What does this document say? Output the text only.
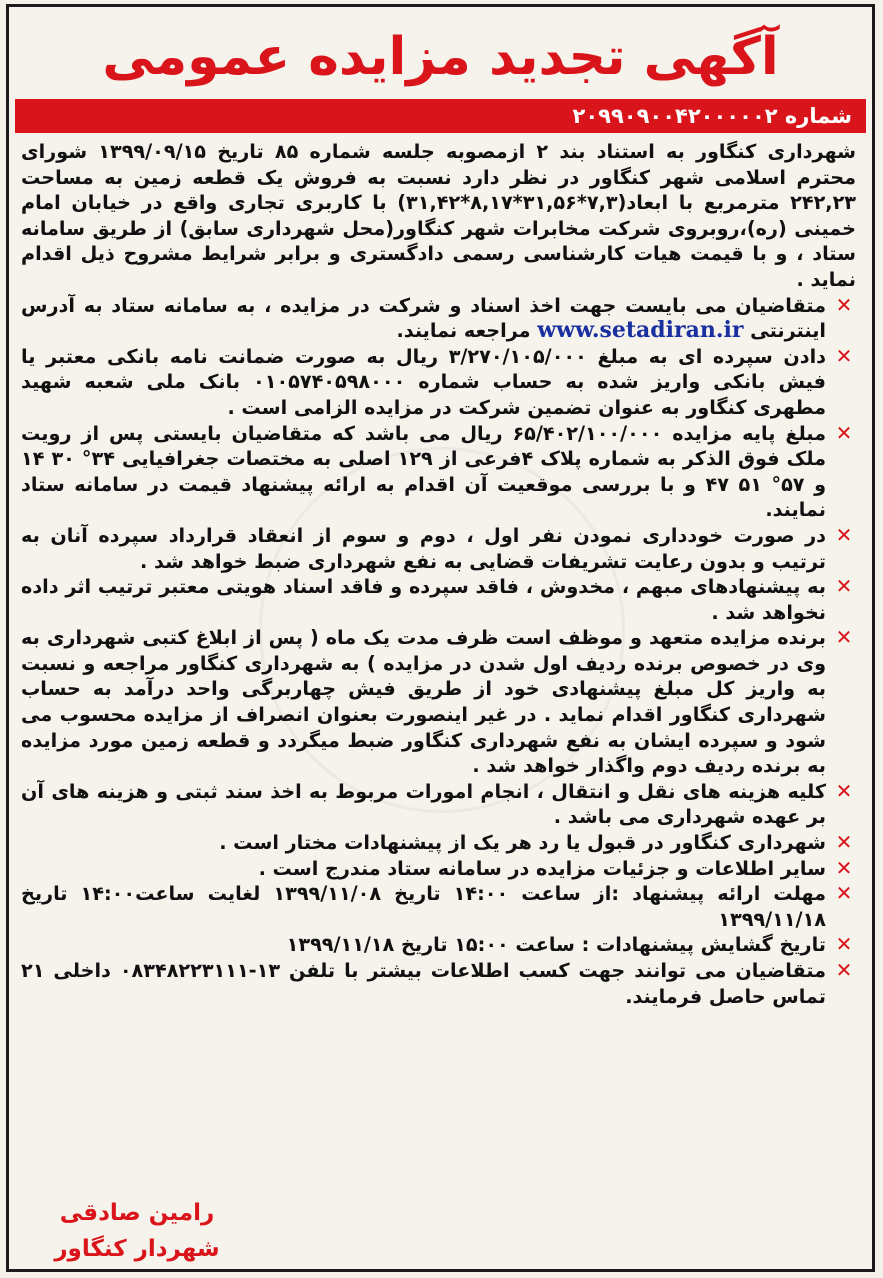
آگهی تجدید مزایده عمومی
شماره ۲۰۹۹۰۹۰۰۴۲۰۰۰۰۰۲

شهرداری کنگاور به استناد بند ۲ ازمصوبه جلسه شماره ۸۵ تاریخ ۱۳۹۹/۰۹/۱۵ شورای محترم اسلامی شهر کنگاور در نظر دارد نسبت به فروش یک قطعه زمین به مساحت ۲۴۲,۲۳ مترمربع با ابعاد(۷,۳*۳۱,۵۶*۸,۱۷*۳۱,۴۲) با کاربری تجاری واقع در خیابان امام خمینی (ره)،روبروی شرکت مخابرات شهر کنگاور(محل شهرداری سابق) از طریق سامانه ستاد ، و با قیمت هیات کارشناسی رسمی دادگستری و برابر شرایط مشروح ذیل اقدام نماید .

✕
متقاضیان می بایست جهت اخذ اسناد و شرکت در مزایده ، به سامانه ستاد به آدرس اینترنتی www.setadiran.ir مراجعه نمایند.

✕
دادن سپرده ای به مبلغ ۳/۲۷۰/۱۰۵/۰۰۰ ریال به صورت ضمانت نامه بانکی معتبر یا فیش بانکی واریز شده به حساب شماره ۰۱۰۵۷۴۰۵۹۸۰۰۰ بانک ملی شعبه شهید مطهری کنگاور به عنوان تضمین شرکت در مزایده الزامی است .

✕
مبلغ پایه مزایده ۶۵/۴۰۲/۱۰۰/۰۰۰ ریال می باشد که متقاضیان بایستی پس از رویت ملک فوق الذکر به شماره پلاک ۴فرعی از ۱۲۹ اصلی به مختصات جغرافیایی ۳۴° ۳۰ ۱۴ و ۵۷° ۵۱ ۴۷ و با بررسی موقعیت آن اقدام به ارائه پیشنهاد قیمت در سامانه ستاد نمایند.

✕
در صورت خودداری نمودن نفر اول ، دوم و سوم از انعقاد قرارداد سپرده آنان به ترتیب و بدون رعایت تشریفات قضایی به نفع شهرداری ضبط خواهد شد .

✕
به پیشنهادهای مبهم ، مخدوش ، فاقد سپرده و فاقد اسناد هویتی معتبر ترتیب اثر داده نخواهد شد .

✕
برنده مزایده متعهد و موظف است ظرف مدت یک ماه ( پس از ابلاغ کتبی شهرداری به وی در خصوص برنده ردیف اول شدن در مزایده ) به شهرداری کنگاور مراجعه و نسبت به واریز کل مبلغ پیشنهادی خود از طریق فیش چهاربرگی واحد درآمد به حساب شهرداری کنگاور اقدام نماید . در غیر اینصورت بعنوان انصراف از مزایده محسوب می شود و سپرده ایشان به نفع شهرداری کنگاور ضبط میگردد و قطعه زمین مورد مزایده به برنده ردیف دوم واگذار خواهد شد .

✕
کلیه هزینه های نقل و انتقال ، انجام امورات مربوط به اخذ سند ثبتی و هزینه های آن بر عهده شهرداری می باشد .

✕
شهرداری کنگاور در قبول یا رد هر یک از پیشنهادات مختار است .

✕
سایر اطلاعات و جزئیات مزایده در سامانه ستاد مندرج است .

✕
مهلت ارائه پیشنهاد :از ساعت ۱۴:۰۰ تاریخ ۱۳۹۹/۱۱/۰۸ لغایت ساعت۱۴:۰۰ تاریخ ۱۳۹۹/۱۱/۱۸

✕
تاریخ گشایش پیشنهادات : ساعت ۱۵:۰۰ تاریخ ۱۳۹۹/۱۱/۱۸

✕
متقاضیان می توانند جهت کسب اطلاعات بیشتر با تلفن ۱۳-۰۸۳۴۸۲۲۳۱۱۱ داخلی ۲۱ تماس حاصل فرمایند.

رامین صادقی
شهردار کنگاور
